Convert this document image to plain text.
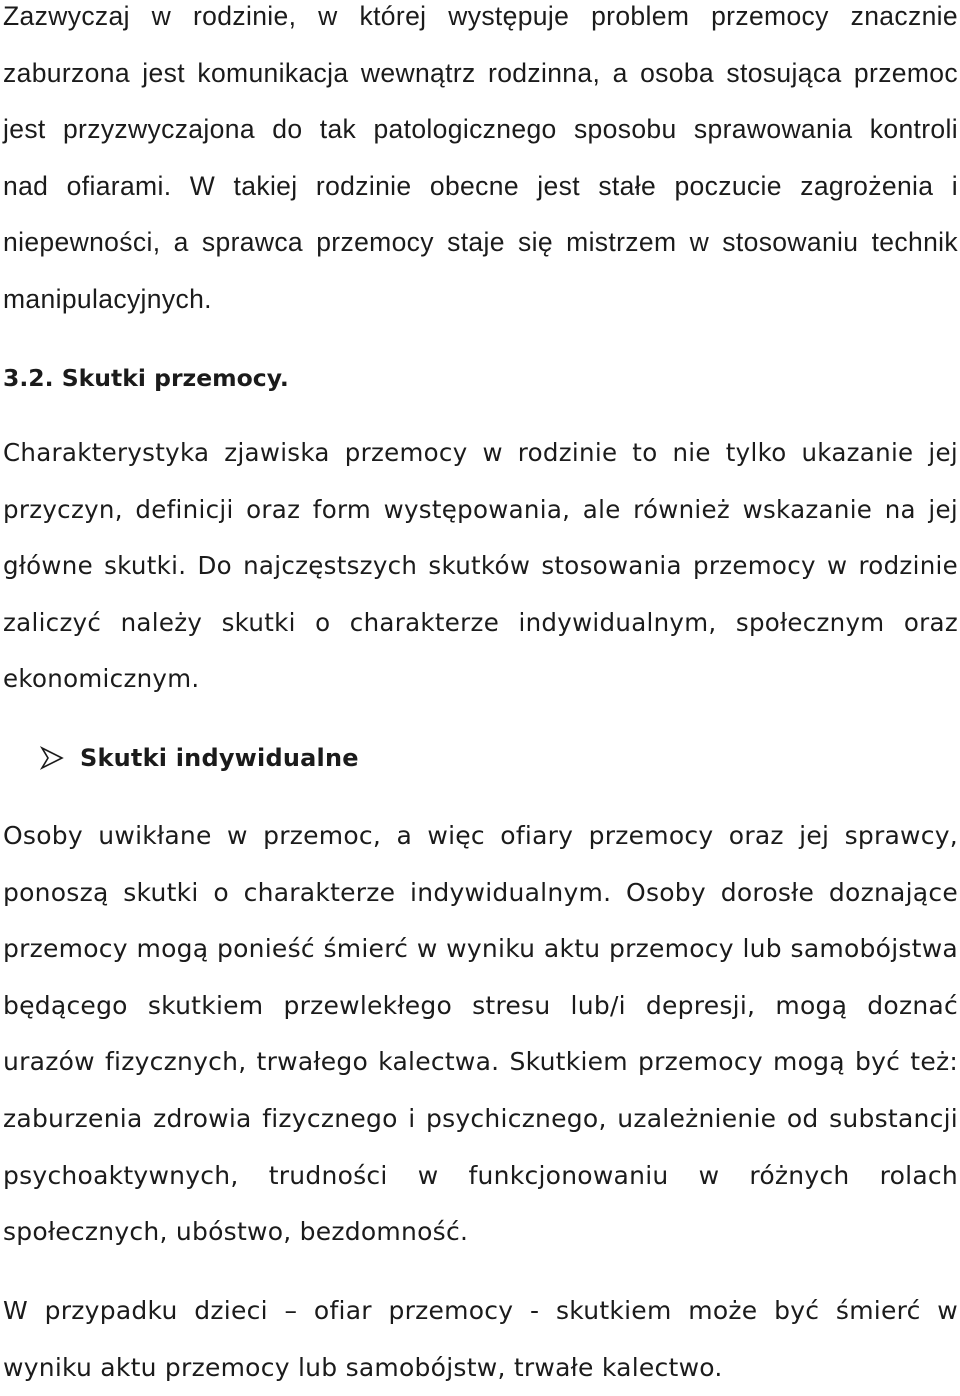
Zazwyczaj w rodzinie, w której występuje problem przemocy znacznie zaburzona jest komunikacja wewnątrz rodzinna, a osoba stosująca przemoc jest przyzwyczajona do tak patologicznego sposobu sprawowania kontroli nad ofiarami. W takiej rodzinie obecne jest stałe poczucie zagrożenia i niepewności, a sprawca przemocy staje się mistrzem w stosowaniu technik manipulacyjnych.

3.2. Skutki przemocy.

Charakterystyka zjawiska przemocy w rodzinie to nie tylko ukazanie jej przyczyn, definicji oraz form występowania, ale również wskazanie na jej główne skutki. Do najczęstszych skutków stosowania przemocy w rodzinie zaliczyć należy skutki o charakterze indywidualnym, społecznym oraz ekonomicznym.

Skutki indywidualne

Osoby uwikłane w przemoc, a więc ofiary przemocy oraz jej sprawcy, ponoszą skutki o charakterze indywidualnym. Osoby dorosłe doznające przemocy mogą ponieść śmierć w wyniku aktu przemocy lub samobójstwa będącego skutkiem przewlekłego stresu lub/i depresji, mogą doznać urazów fizycznych, trwałego kalectwa. Skutkiem przemocy mogą być też: zaburzenia zdrowia fizycznego i psychicznego, uzależnienie od substancji psychoaktywnych, trudności w funkcjonowaniu w różnych rolach społecznych, ubóstwo, bezdomność.

W przypadku dzieci – ofiar przemocy - skutkiem może być śmierć w wyniku aktu przemocy lub samobójstw, trwałe kalectwo.
